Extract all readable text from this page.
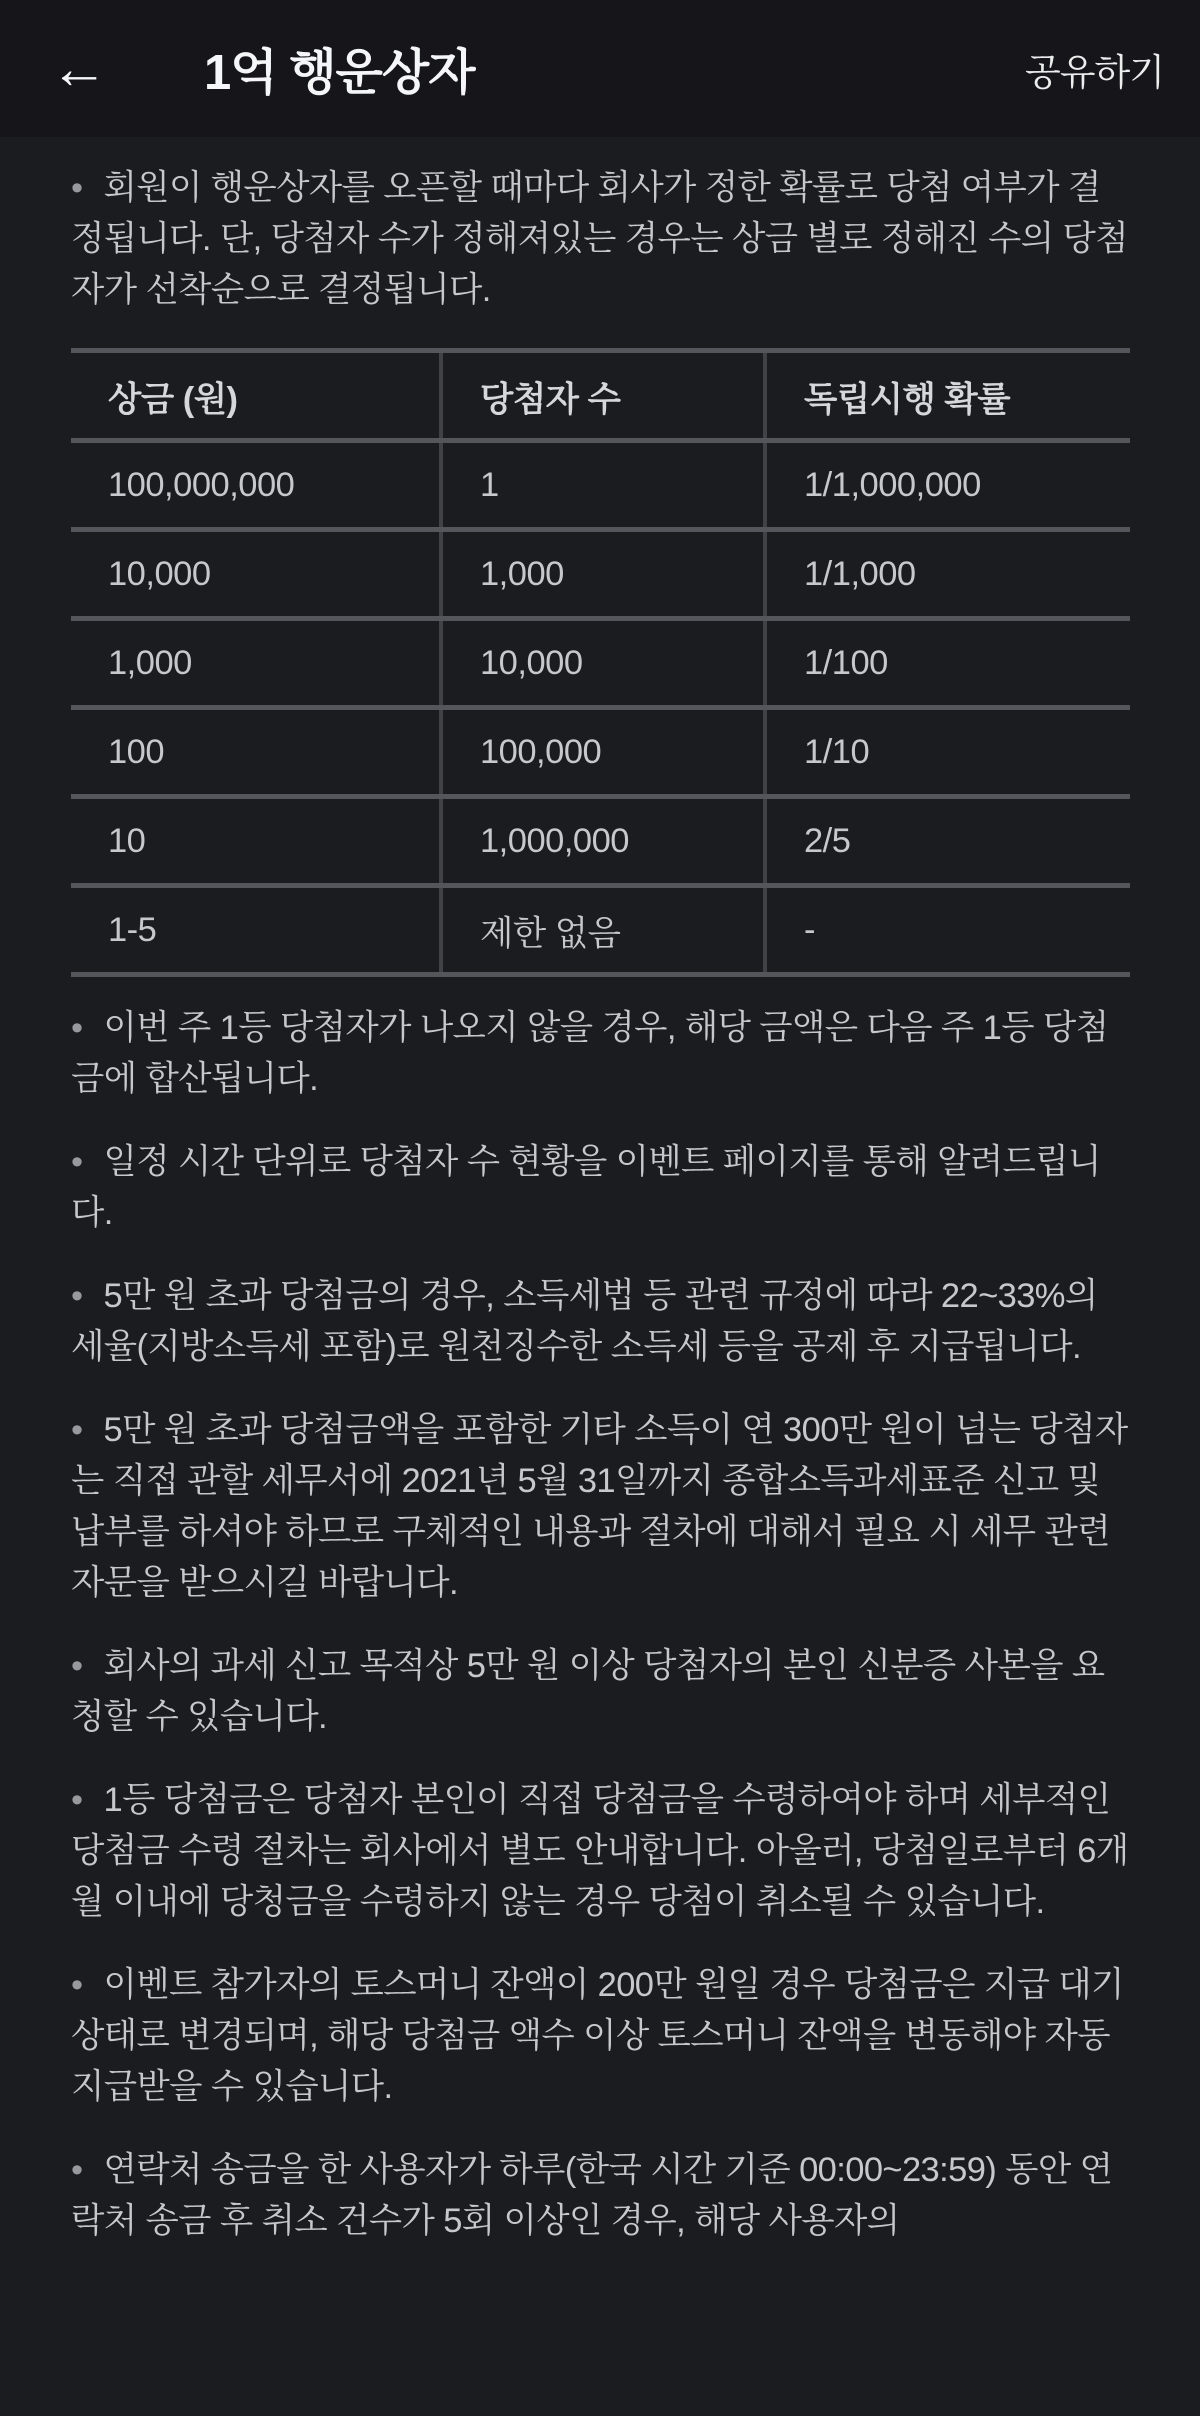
← 1억 행운상자	공유하기

• 회원이 행운상자를 오픈할 때마다 회사가 정한 확률로 당첨 여부가 결정됩니다. 단, 당첨자 수가 정해져있는 경우는 상금 별로 정해진 수의 당첨자가 선착순으로 결정됩니다.

상금 (원)	당첨자 수	독립시행 확률
100,000,000	1	1/1,000,000
10,000	1,000	1/1,000
1,000	10,000	1/100
100	100,000	1/10
10	1,000,000	2/5
1-5	제한 없음	-

• 이번 주 1등 당첨자가 나오지 않을 경우, 해당 금액은 다음 주 1등 당첨금에 합산됩니다.

• 일정 시간 단위로 당첨자 수 현황을 이벤트 페이지를 통해 알려드립니다.

• 5만 원 초과 당첨금의 경우, 소득세법 등 관련 규정에 따라 22~33%의 세율(지방소득세 포함)로 원천징수한 소득세 등을 공제 후 지급됩니다.

• 5만 원 초과 당첨금액을 포함한 기타 소득이 연 300만 원이 넘는 당첨자는 직접 관할 세무서에 2021년 5월 31일까지 종합소득과세표준 신고 및 납부를 하셔야 하므로 구체적인 내용과 절차에 대해서 필요 시 세무 관련 자문을 받으시길 바랍니다.

• 회사의 과세 신고 목적상 5만 원 이상 당첨자의 본인 신분증 사본을 요청할 수 있습니다.

• 1등 당첨금은 당첨자 본인이 직접 당첨금을 수령하여야 하며 세부적인 당첨금 수령 절차는 회사에서 별도 안내합니다. 아울러, 당첨일로부터 6개월 이내에 당청금을 수령하지 않는 경우 당첨이 취소될 수 있습니다.

• 이벤트 참가자의 토스머니 잔액이 200만 원일 경우 당첨금은 지급 대기 상태로 변경되며, 해당 당첨금 액수 이상 토스머니 잔액을 변동해야 자동 지급받을 수 있습니다.

• 연락처 송금을 한 사용자가 하루(한국 시간 기준 00:00~23:59) 동안 연락처 송금 후 취소 건수가 5회 이상인 경우, 해당 사용자의
